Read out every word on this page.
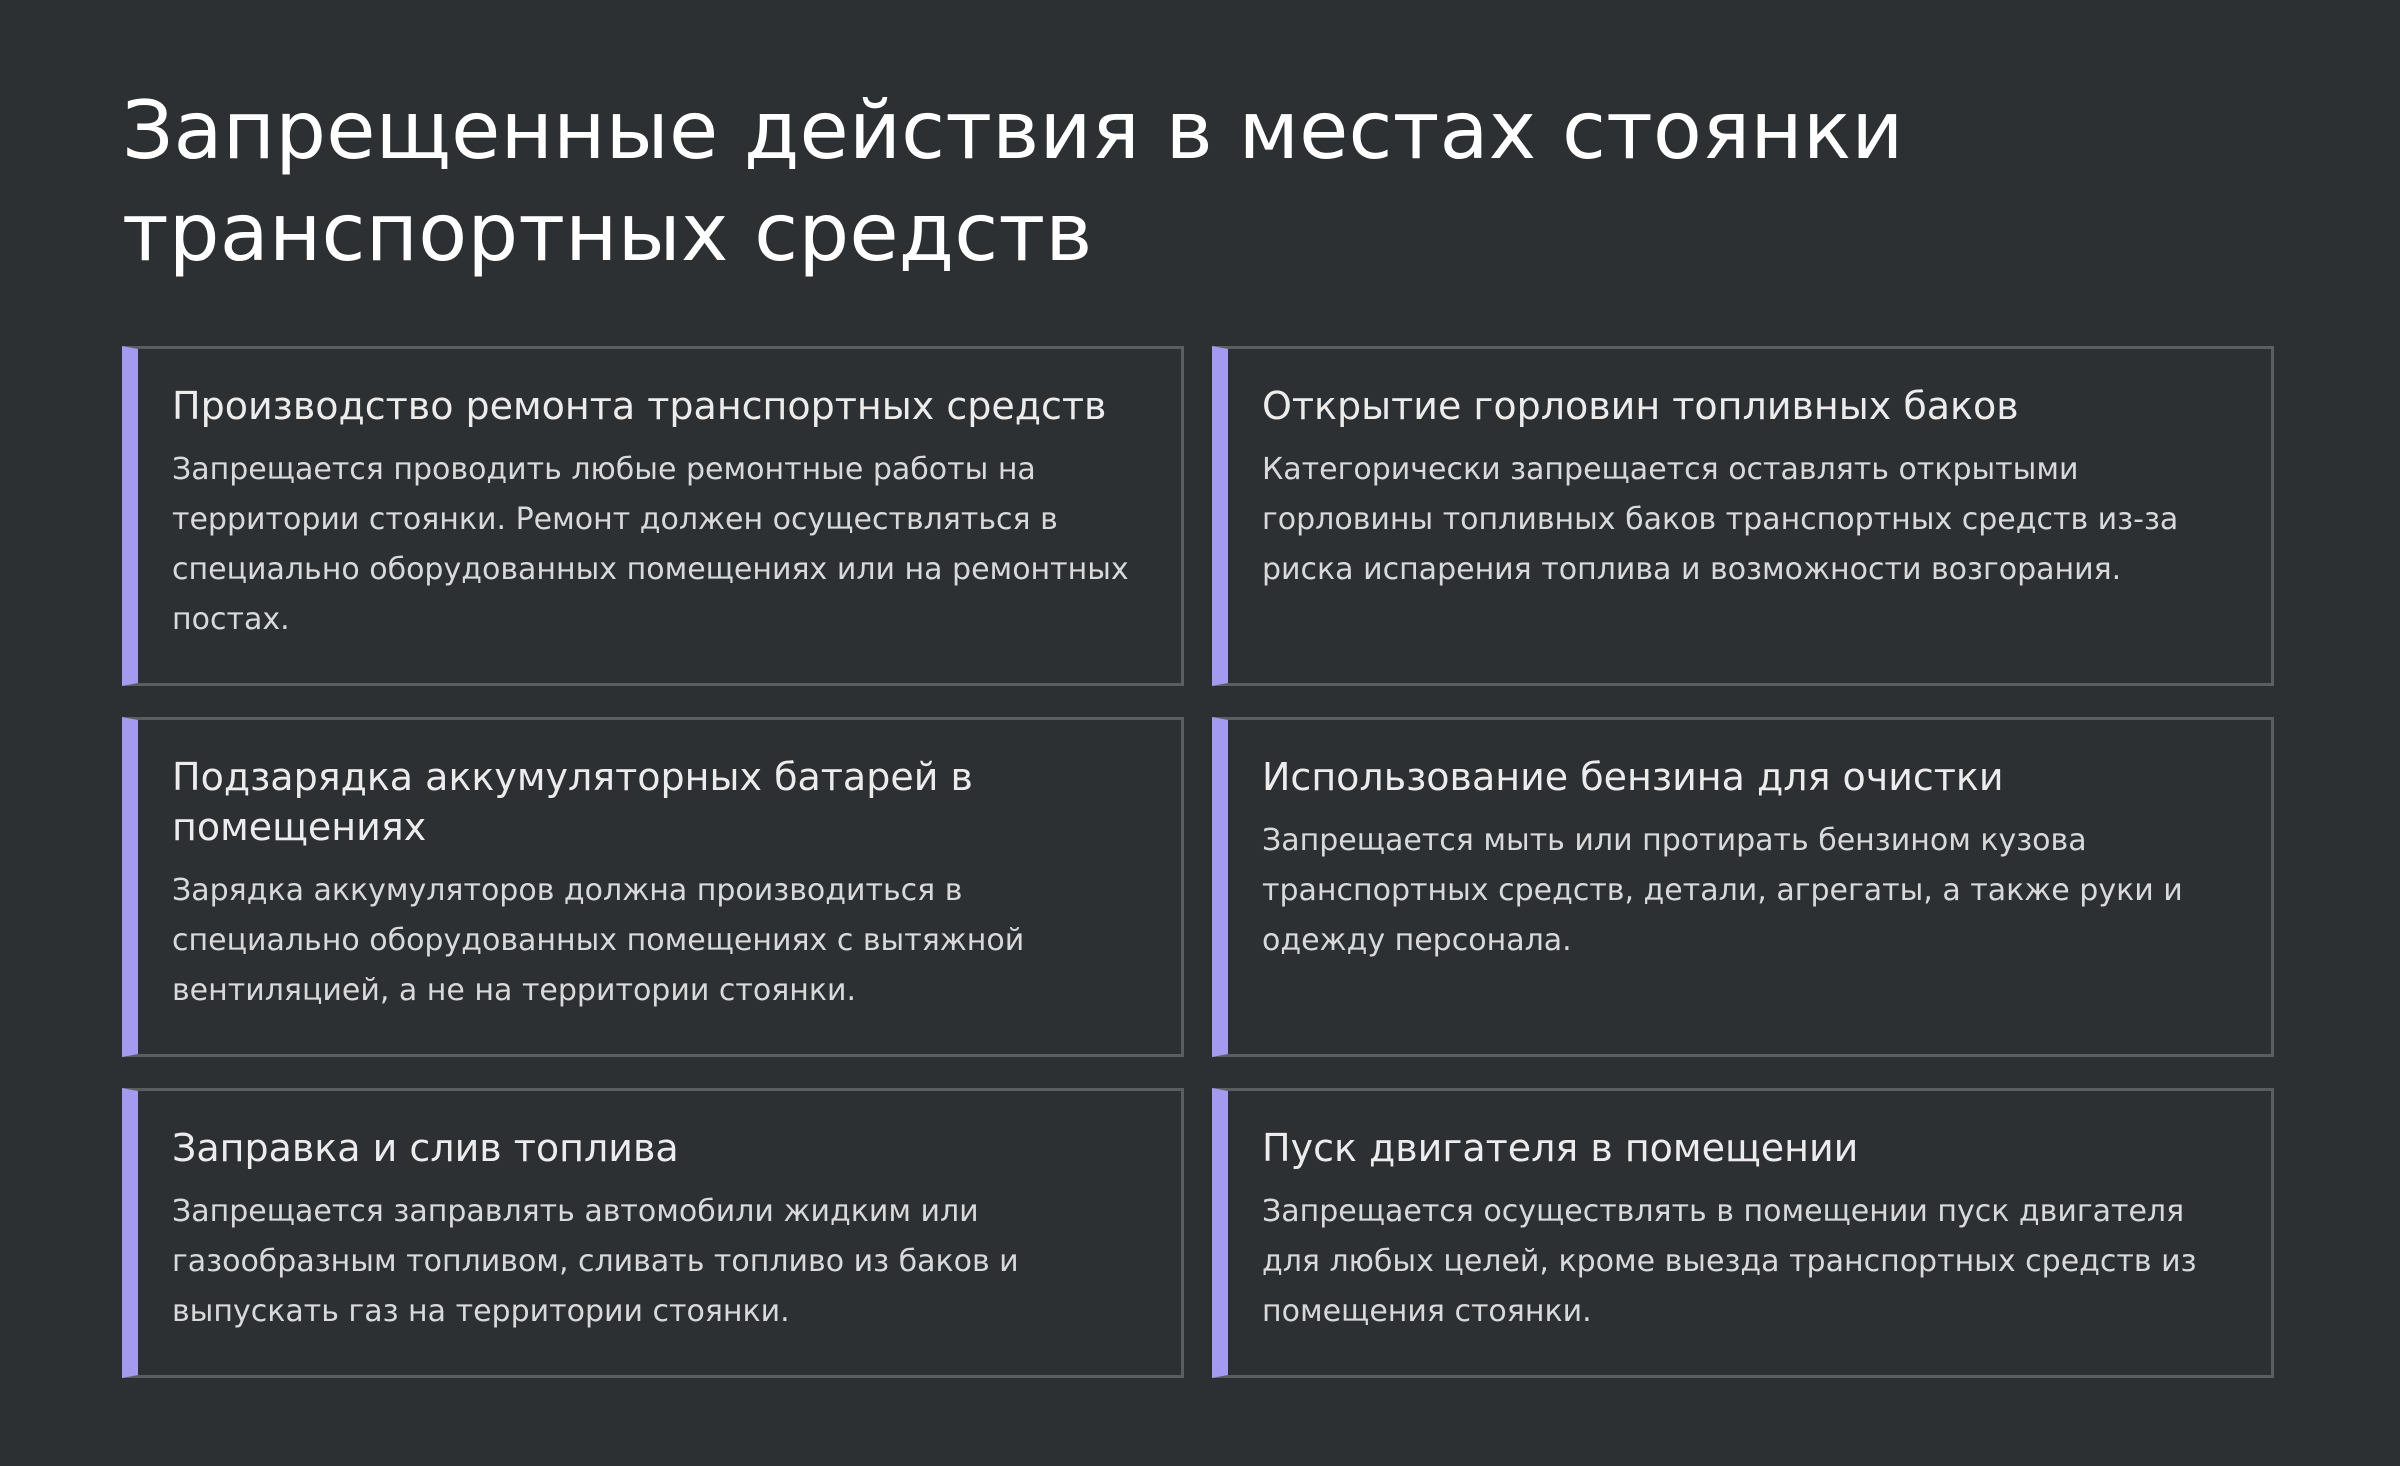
Запрещенные действия в местах стоянки транспортных средств
Производство ремонта транспортных средств

Запрещается проводить любые ремонтные работы на территории стоянки. Ремонт должен осуществляться в специально оборудованных помещениях или на ремонтных постах.

Открытие горловин топливных баков

Категорически запрещается оставлять открытыми горловины топливных баков транспортных средств из-за риска испарения топлива и возможности возгорания.

Подзарядка аккумуляторных батарей в помещениях

Зарядка аккумуляторов должна производиться в специально оборудованных помещениях с вытяжной вентиляцией, а не на территории стоянки.

Использование бензина для очистки

Запрещается мыть или протирать бензином кузова транспортных средств, детали, агрегаты, а также руки и одежду персонала.

Заправка и слив топлива

Запрещается заправлять автомобили жидким или газообразным топливом, сливать топливо из баков и выпускать газ на территории стоянки.

Пуск двигателя в помещении

Запрещается осуществлять в помещении пуск двигателя для любых целей, кроме выезда транспортных средств из помещения стоянки.
